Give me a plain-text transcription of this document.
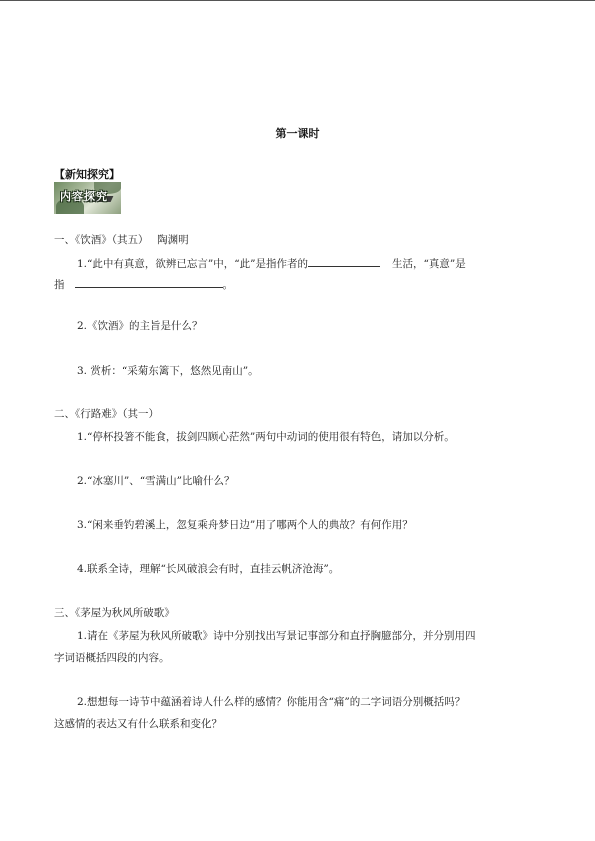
第一课时
【新知探究】
内容探究
一、《饮酒》（其五）　 陶渊明
1.“此中有真意，欲辨已忘言”中，“此”是指作者的	生活，“真意”是
指	。
2.《饮酒》的主旨是什么？
3. 赏析：“采菊东篱下，悠然见南山”。
二、《行路难》（其一）
1.“停杯投箸不能食，拔剑四顾心茫然”两句中动词的使用很有特色，请加以分析。
2.“冰塞川”、“雪满山”比喻什么？
3.“闲来垂钓碧溪上，忽复乘舟梦日边”用了哪两个人的典故？有何作用？
4.联系全诗，理解“长风破浪会有时，直挂云帆济沧海”。
三、《茅屋为秋风所破歌》
1.请在《茅屋为秋风所破歌》诗中分别找出写景记事部分和直抒胸臆部分，并分别用四
字词语概括四段的内容。
2.想想每一诗节中蕴涵着诗人什么样的感情？你能用含“痛”的二字词语分别概括吗？
这感情的表达又有什么联系和变化？
